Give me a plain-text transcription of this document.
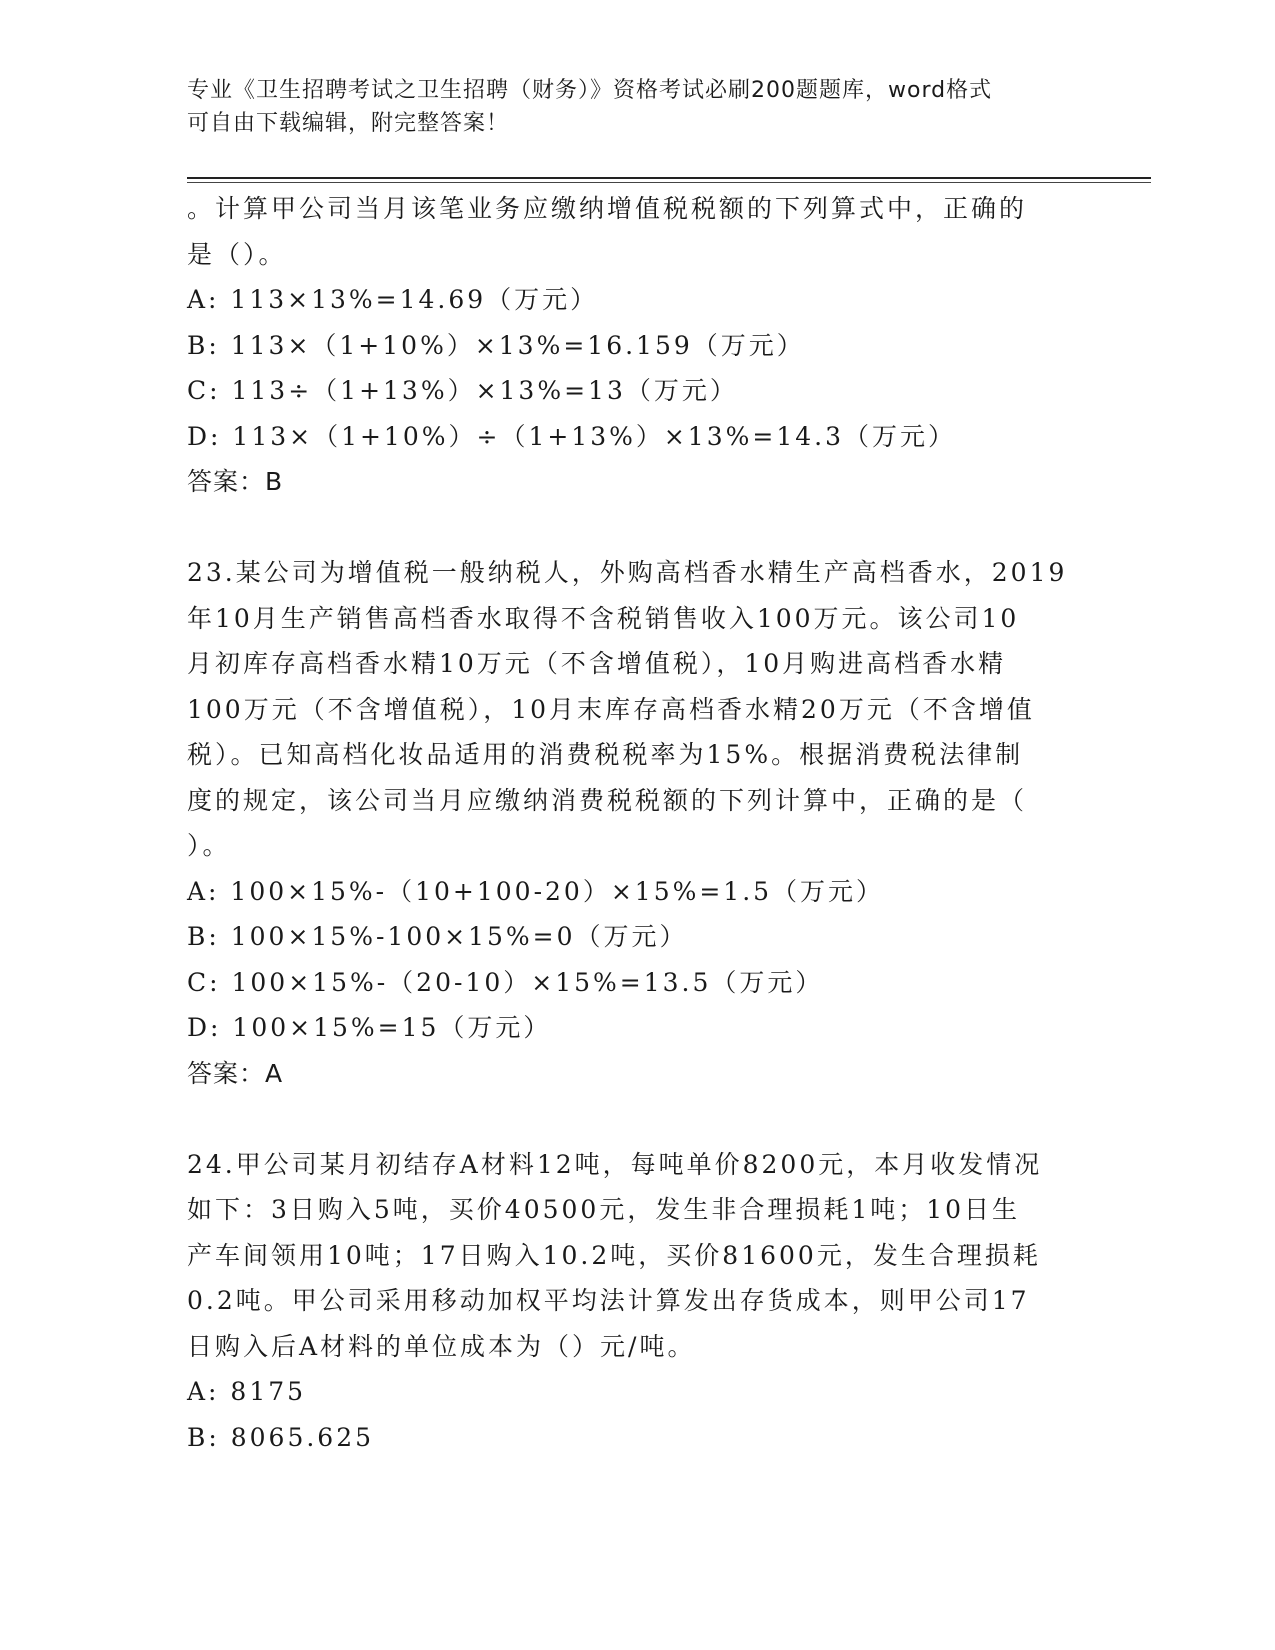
专业《卫生招聘考试之卫生招聘（财务）》资格考试必刷200题题库，word格式
可自由下载编辑，附完整答案！
。计算甲公司当月该笔业务应缴纳增值税税额的下列算式中，正确的
是（）。
A: 113×13%=14.69（万元）
B: 113×（1+10%）×13%=16.159（万元）
C: 113÷（1+13%）×13%=13（万元）
D: 113×（1+10%）÷（1+13%）×13%=14.3（万元）
答案：B
23.某公司为增值税一般纳税人，外购高档香水精生产高档香水，2019
年10月生产销售高档香水取得不含税销售收入100万元。该公司10
月初库存高档香水精10万元（不含增值税），10月购进高档香水精
100万元（不含增值税），10月末库存高档香水精20万元（不含增值
税）。已知高档化妆品适用的消费税税率为15%。根据消费税法律制
度的规定，该公司当月应缴纳消费税税额的下列计算中，正确的是（
）。
A: 100×15%-（10+100-20）×15%=1.5（万元）
B: 100×15%-100×15%=0（万元）
C: 100×15%-（20-10）×15%=13.5（万元）
D: 100×15%=15（万元）
答案：A
24.甲公司某月初结存A材料12吨，每吨单价8200元，本月收发情况
如下：3日购入5吨，买价40500元，发生非合理损耗1吨；10日生
产车间领用10吨；17日购入10.2吨，买价81600元，发生合理损耗
0.2吨。甲公司采用移动加权平均法计算发出存货成本，则甲公司17
日购入后A材料的单位成本为（）元/吨。
A: 8175
B: 8065.625
